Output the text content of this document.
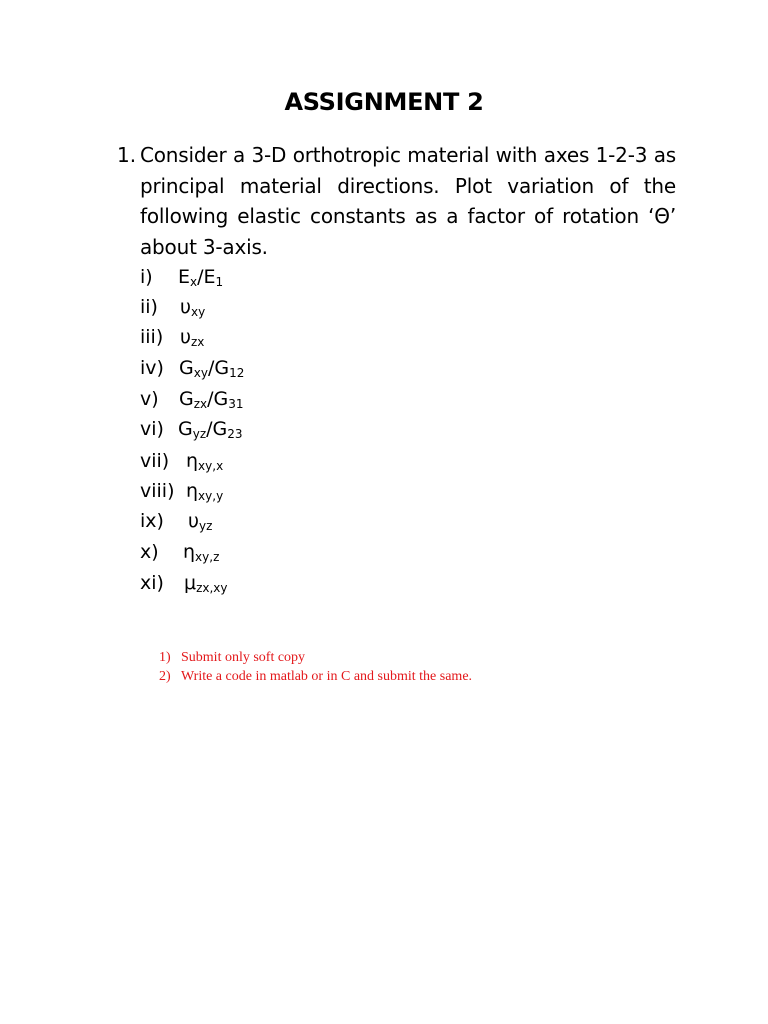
ASSIGNMENT 2
1. Consider a 3-D orthotropic material with axes 1-2-3 as principal material directions. Plot variation of the following elastic constants as a factor of rotation ‘Θ’ about 3-axis.

i) $E_x/E_1$
ii) $\upsilon_{xy}$
iii) $\upsilon_{zx}$
iv) $G_{xy}/G_{12}$
v) $G_{zx}/G_{31}$
vi) $G_{yz}/G_{23}$
vii) $\eta_{xy,x}$
viii) $\eta_{xy,y}$
ix) $\upsilon_{yz}$
x) $\eta_{xy,z}$
xi) $\mu_{zx,xy}$
1) Submit only soft copy
2) Write a code in matlab or in C and submit the same.
